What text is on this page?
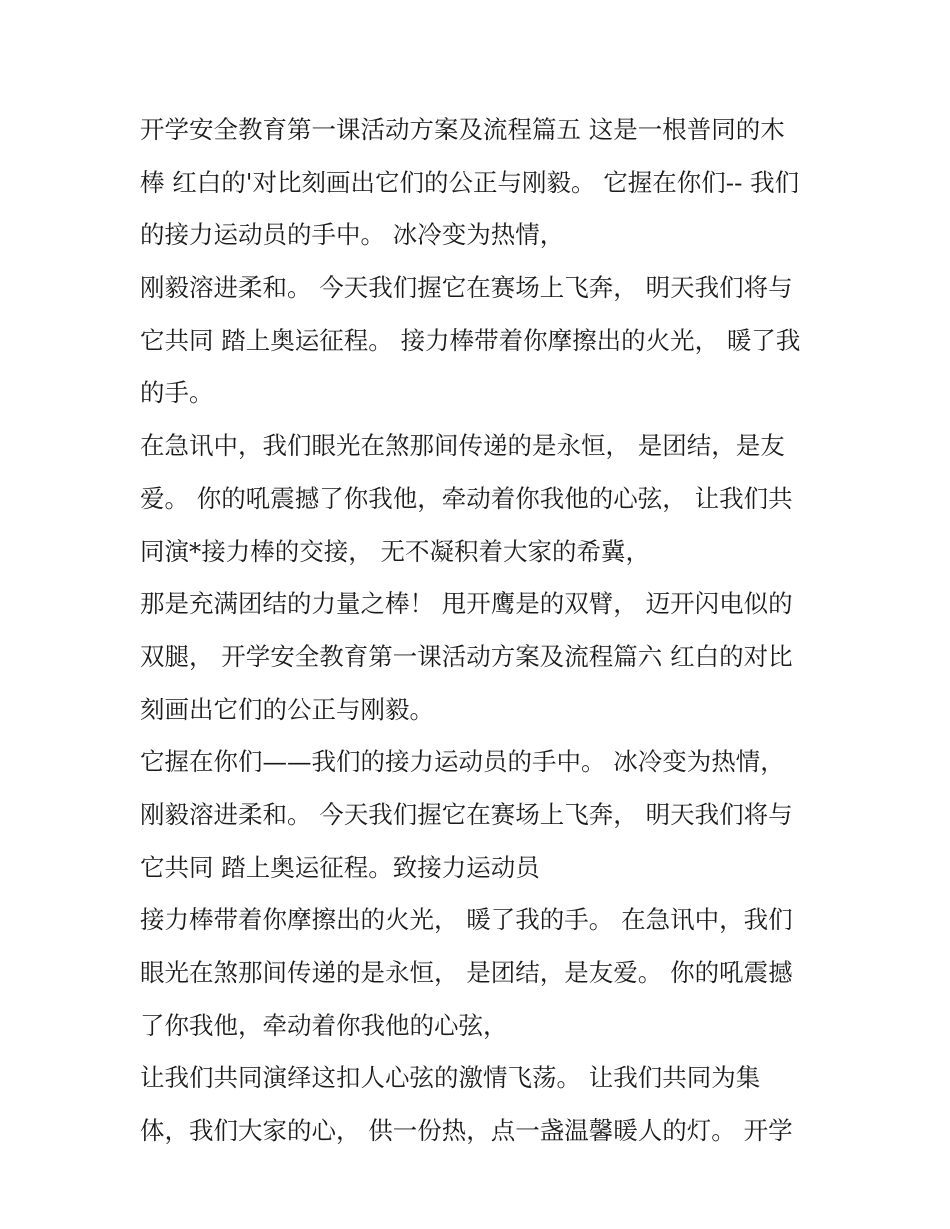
开学安全教育第一课活动方案及流程篇五 这是一根普同的木
棒 红白的'对比刻画出它们的公正与刚毅。 它握在你们-- 我们
的接力运动员的手中。 冰冷变为热情，
刚毅溶进柔和。 今天我们握它在赛场上飞奔， 明天我们将与
它共同 踏上奥运征程。 接力棒带着你摩擦出的火光， 暖了我
的手。
在急讯中，我们眼光在煞那间传递的是永恒， 是团结，是友
爱。 你的吼震撼了你我他，牵动着你我他的心弦， 让我们共
同演*接力棒的交接， 无不凝积着大家的希冀，
那是充满团结的力量之棒！ 甩开鹰是的双臂， 迈开闪电似的
双腿， 开学安全教育第一课活动方案及流程篇六 红白的对比
刻画出它们的公正与刚毅。
它握在你们——我们的接力运动员的手中。 冰冷变为热情，
刚毅溶进柔和。 今天我们握它在赛场上飞奔， 明天我们将与
它共同 踏上奥运征程。致接力运动员
接力棒带着你摩擦出的火光， 暖了我的手。 在急讯中，我们
眼光在煞那间传递的是永恒， 是团结，是友爱。 你的吼震撼
了你我他，牵动着你我他的心弦，
让我们共同演绎这扣人心弦的激情飞荡。 让我们共同为集
体，我们大家的心， 供一份热，点一盏温馨暖人的灯。 开学
